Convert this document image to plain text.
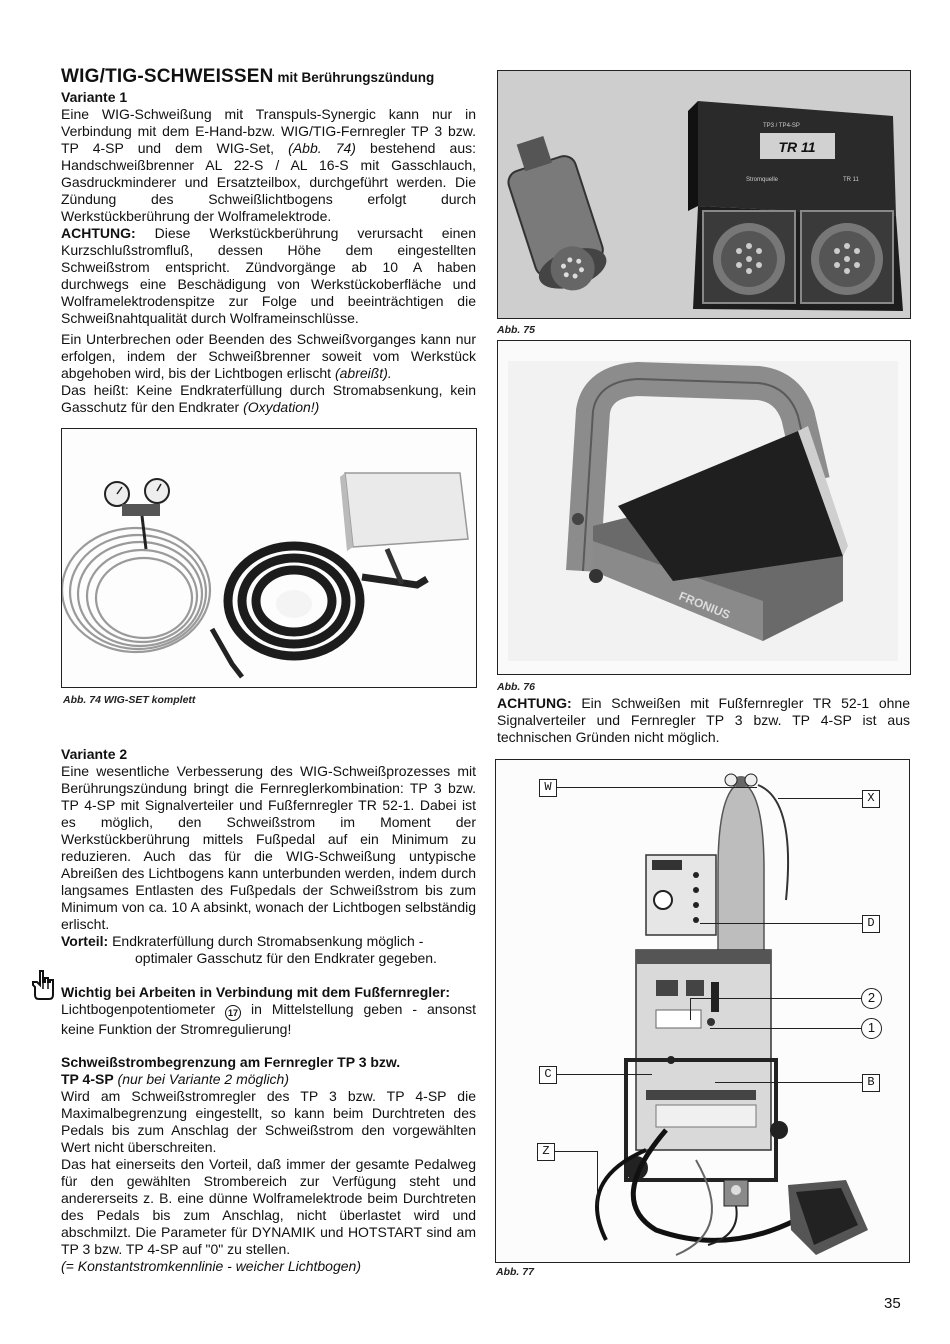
WIG/TIG-SCHWEISSEN mit Berührungszündung
Variante 1

Eine WIG-Schweißung mit Transpuls-Synergic kann nur in Verbindung mit dem E-Hand-bzw. WIG/TIG-Fernregler TP 3 bzw. TP 4-SP und dem WIG-Set, (Abb. 74) bestehend aus: Handschweißbrenner AL 22-S / AL 16-S mit Gasschlauch, Gasdruckminderer und Ersatzteilbox, durchgeführt werden. Die Zündung des Schweißlichtbogens erfolgt durch Werkstückberührung der Wolframelektrode.

ACHTUNG: Diese Werkstückberührung verursacht einen Kurzschlußstromfluß, dessen Höhe dem eingestellten Schweißstrom entspricht. Zündvorgänge ab 10 A haben durchwegs eine Beschädigung von Werkstückoberfläche und Wolframelektrodenspitze zur Folge und beeinträchtigen die Schweißnahtqualität durch Wolframeinschlüsse.

Ein Unterbrechen oder Beenden des Schweißvorganges kann nur erfolgen, indem der Schweißbrenner soweit vom Werkstück abgehoben wird, bis der Lichtbogen erlischt (abreißt).

Das heißt: Keine Endkraterfüllung durch Stromabsenkung, kein Gasschutz für den Endkrater (Oxydation!)

Abb. 74 WIG-SET komplett
Variante 2

Eine wesentliche Verbesserung des WIG-Schweißprozesses mit Berührungszündung bringt die Fernreglerkombination: TP 3 bzw. TP 4-SP mit Signalverteiler und Fußfernregler TR 52-1. Dabei ist es möglich, den Schweißstrom im Moment der Werkstückberührung mittels Fußpedal auf ein Minimum zu reduzieren. Auch das für die WIG-Schweißung untypische Abreißen des Lichtbogens kann unterbunden werden, indem durch langsames Entlasten des Fußpedals der Schweißstrom bis zum Minimum von ca. 10 A absinkt, wonach der Lichtbogen selbständig erlischt.

Vorteil: Endkraterfüllung durch Stromabsenkung möglich -

optimaler Gasschutz für den Endkrater gegeben.

Wichtig bei Arbeiten in Verbindung mit dem Fußfernregler:

Lichtbogenpotentiometer 17 in Mittelstellung geben - ansonst keine Funktion der Stromregulierung!

Schweißstrombegrenzung am Fernregler TP 3 bzw.
TP 4-SP (nur bei Variante 2 möglich)

Wird am Schweißstromregler des TP 3 bzw. TP 4-SP die Maximalbegrenzung eingestellt, so kann beim Durchtreten des Pedals bis zum Anschlag der Schweißstrom den vorgewählten Wert nicht überschreiten.

Das hat einerseits den Vorteil, daß immer der gesamte Pedalweg für den gewählten Strombereich zur Verfügung steht und andererseits z. B. eine dünne Wolframelektrode beim Durchtreten des Pedals bis zum Anschlag, nicht überlastet wird und abschmilzt. Die Parameter für DYNAMIK und HOTSTART sind am TP 3 bzw. TP 4-SP auf "0" zu stellen.

(= Konstantstromkennlinie - weicher Lichtbogen)

TR 11
TP3 / TP4-SP
Stromquelle	TR 11
Abb. 75
FRONIUS
Abb. 76

ACHTUNG: Ein Schweißen mit Fußfernregler TR 52-1 ohne Signalverteiler und Fernregler TP 3 bzw. TP 4-SP ist aus technischen Gründen nicht möglich.

Abb. 77
W
X
D
2
1
C
B
Z
35
